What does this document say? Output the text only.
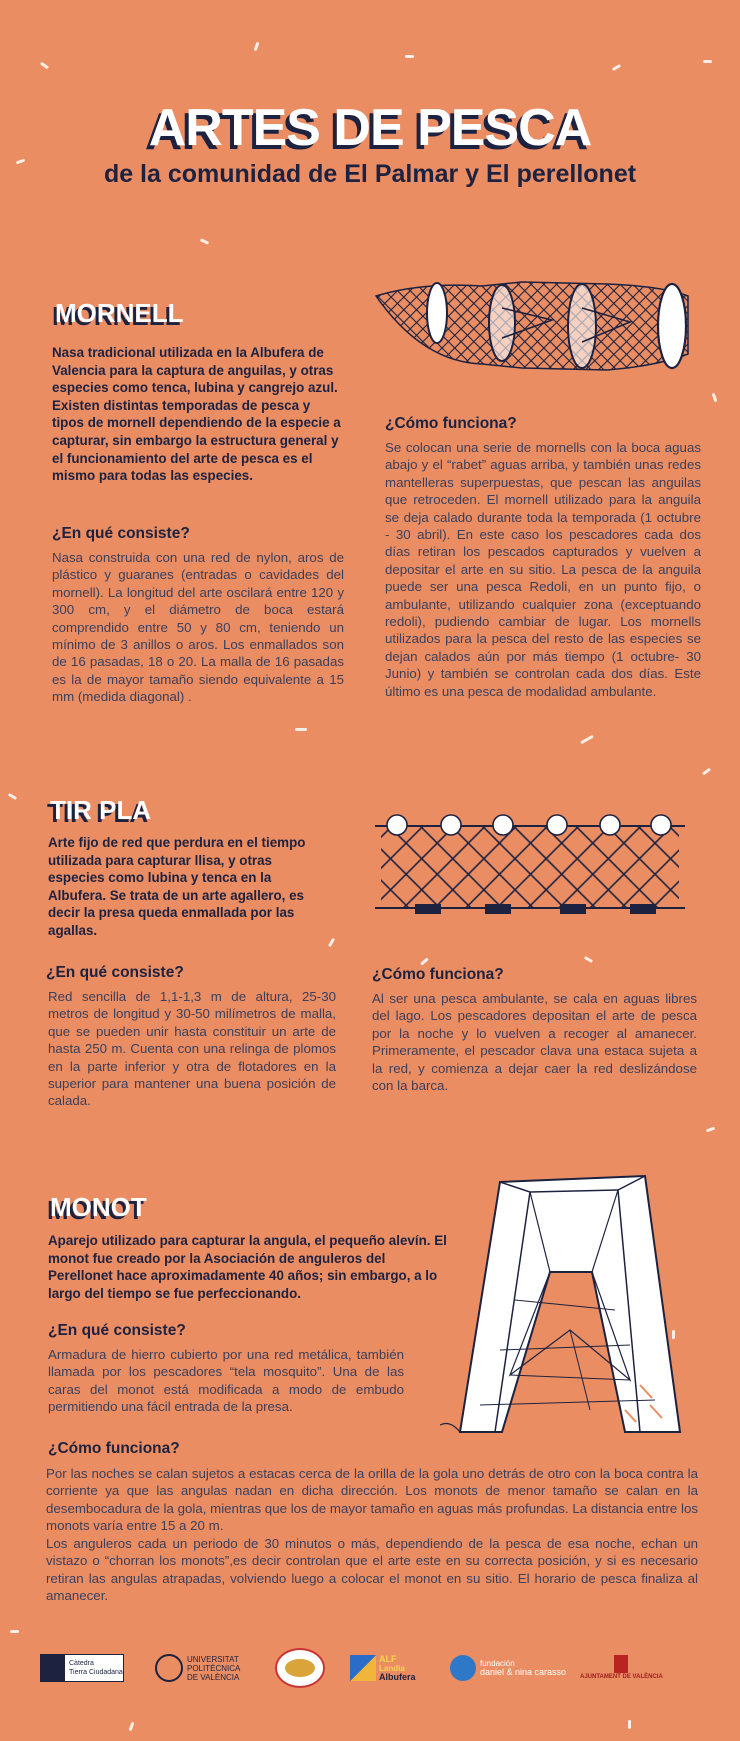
ARTES DE PESCA
de la comunidad de El Palmar y El perellonet
MORNELL
Nasa tradicional utilizada en la Albufera de Valencia para la captura de anguilas, y otras especies como tenca, lubina y cangrejo azul. Existen distintas temporadas de pesca y tipos de mornell dependiendo de la especie a capturar, sin embargo la estructura general y el funcionamiento del arte de pesca es el mismo para todas las especies.
¿En qué consiste?
Nasa construida con una red de nylon, aros de plástico y guaranes (entradas o cavidades del mornell). La longitud del arte oscilará entre 120 y 300 cm, y el diámetro de boca estará comprendido entre 50 y 80 cm, teniendo un mínimo de 3 anillos o aros. Los enmallados son de 16 pasadas, 18 o 20. La malla de 16 pasadas es la de mayor tamaño siendo equivalente a 15 mm (medida diagonal) .
¿Cómo funciona?
Se colocan una serie de mornells con la boca aguas abajo y el “rabet” aguas arriba, y también unas redes mantelleras superpuestas, que pescan las anguilas que retroceden. El mornell utilizado para la anguila se deja calado durante toda la temporada (1 octubre - 30 abril). En este caso los pescadores cada dos días retiran los pescados capturados y vuelven a depositar el arte en su sitio. La pesca de la anguila puede ser una pesca Redoli, en un punto fijo, o ambulante, utilizando cualquier zona (exceptuando redoli), pudiendo cambiar de lugar. Los mornells utilizados para la pesca del resto de las especies se dejan calados aún por más tiempo (1 octubre- 30 Junio) y también se controlan cada dos días. Este último es una pesca de modalidad ambulante.
TIR PLA
Arte fijo de red que perdura en el tiempo utilizada para capturar llisa, y otras especies como lubina y tenca en la Albufera. Se trata de un arte agallero, es decir la presa queda enmallada por las agallas.
¿En qué consiste?
Red sencilla de 1,1-1,3 m de altura, 25-30 metros de longitud y 30-50 milímetros de malla, que se pueden unir hasta constituir un arte de hasta 250 m. Cuenta con una relinga de plomos en la parte inferior y otra de flotadores en la superior para mantener una buena posición de calada.
¿Cómo funciona?
Al ser una pesca ambulante, se cala en aguas libres del lago. Los pescadores depositan el arte de pesca por la noche y lo vuelven a recoger al amanecer. Primeramente, el pescador clava una estaca sujeta a la red, y comienza a dejar caer la red deslizándose con la barca.
MONOT
Aparejo utilizado para capturar la angula, el pequeño alevín. El monot fue creado por la Asociación de anguleros del Perellonet hace aproximadamente 40 años; sin embargo, a lo largo del tiempo se fue perfeccionando.
¿En qué consiste?
Armadura de hierro cubierto por una red metálica, también llamada por los pescadores “tela mosquito”. Una de las caras del monot está modificada a modo de embudo permitiendo una fácil entrada de la presa.
¿Cómo funciona?
Por las noches se calan sujetos a estacas cerca de la orilla de la gola uno detrás de otro con la boca contra la corriente ya que las angulas nadan en dicha dirección. Los monots de menor tamaño se calan en la desembocadura de la gola, mientras que los de mayor tamaño en aguas más profundas. La distancia entre los monots varía entre 15 a 20 m.
Los anguleros cada un periodo de 30 minutos o más, dependiendo de la pesca de esa noche, echan un vistazo o “chorran los monots”,es decir controlan que el arte este en su correcta posición, y si es necesario retiran las angulas atrapadas, volviendo luego a colocar el monot en su sitio. El horario de pesca finaliza al amanecer.
Càtedra
Tierra Ciudadana
UNIVERSITAT
POLITÈCNICA
DE VALÈNCIA
ALF
Landia
Albufera
fundación
daniel & nina carasso AJUNTAMENT DE VALÈNCIA
